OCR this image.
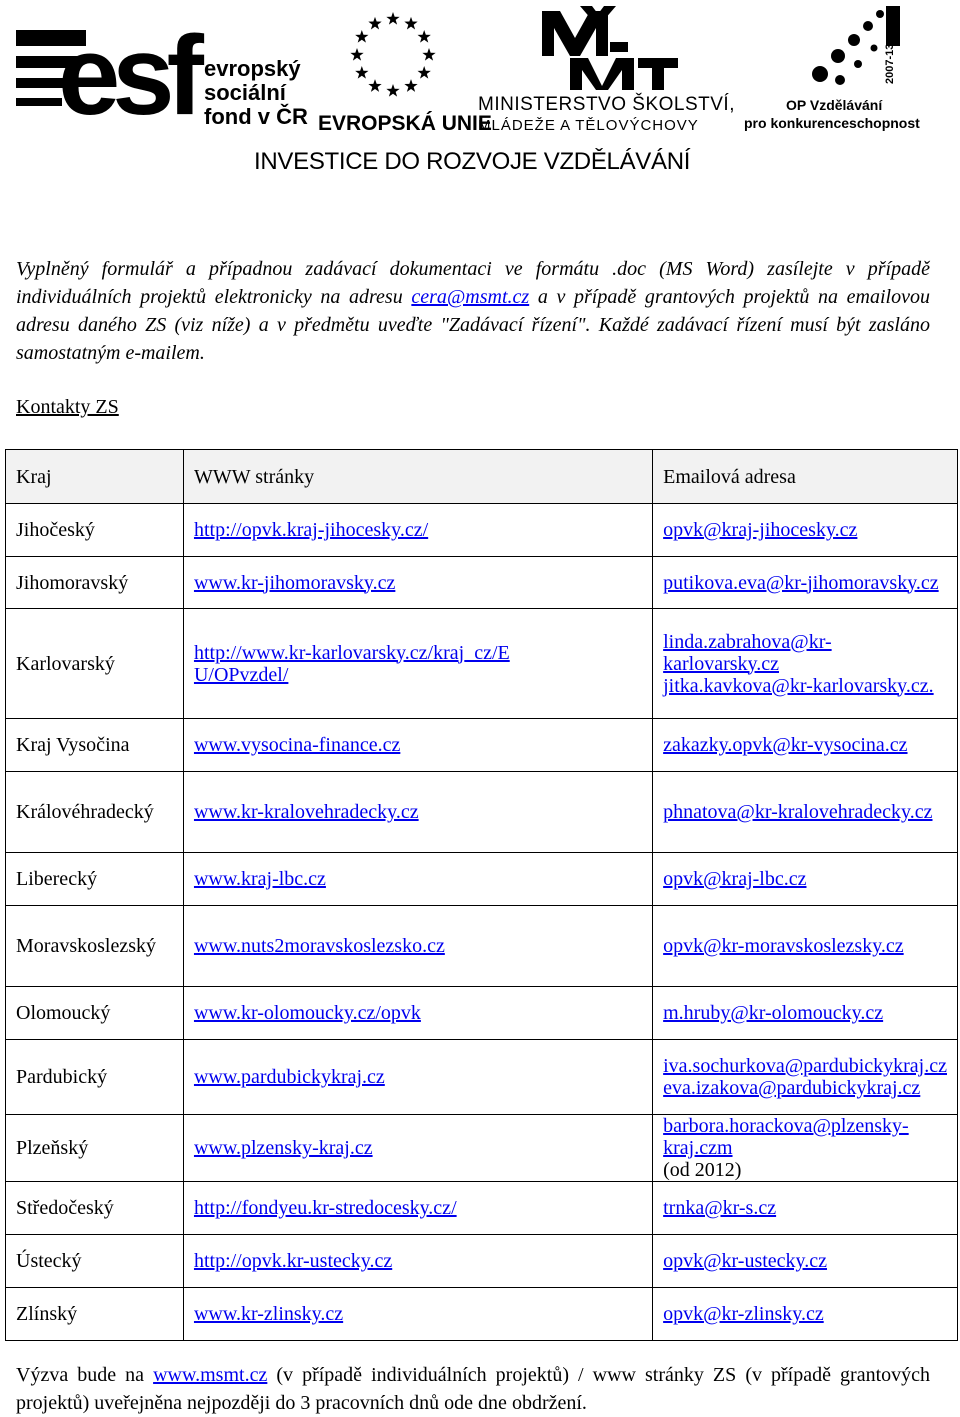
esf evropský
sociální
fond v ČR EVROPSKÁ UNIE
MINISTERSTVO ŠKOLSTVÍ,
MLÁDEŽE A TĚLOVÝCHOVY
2007-13
OP Vzdělávání
pro konkurenceschopnost
INVESTICE DO ROZVOJE VZDĚLÁVÁNÍ

Vyplněný formulář a případnou zadávací dokumentaci ve formátu .doc (MS Word) zasílejte v případě individuálních projektů elektronicky na adresu cera@msmt.cz a v případě grantových projektů na emailovou adresu daného ZS (viz níže) a v předmětu uveďte "Zadávací řízení". Každé zadávací řízení musí být zasláno samostatným e-mailem.

Kontakty ZS
Kraj	WWW stránky	Emailová adresa
Jihočeský	http://opvk.kraj-jihocesky.cz/	opvk@kraj-jihocesky.cz
Jihomoravský	www.kr-jihomoravsky.cz	putikova.eva@kr-jihomoravsky.cz
Karlovarský	http://www.kr-karlovarsky.cz/kraj_cz/EU/OPvzdel/	linda.zabrahova@kr-karlovarsky.cz
jitka.kavkova@kr-karlovarsky.cz.

Kraj Vysočina	www.vysocina-finance.cz	zakazky.opvk@kr-vysocina.cz
Královéhradecký	www.kr-kralovehradecky.cz	phnatova@kr-kralovehradecky.cz
Liberecký	www.kraj-lbc.cz	opvk@kraj-lbc.cz
Moravskoslezský	www.nuts2moravskoslezsko.cz	opvk@kr-moravskoslezsky.cz
Olomoucký	www.kr-olomoucky.cz/opvk	m.hruby@kr-olomoucky.cz
Pardubický	www.pardubickykraj.cz	iva.sochurkova@pardubickykraj.cz
eva.izakova@pardubickykraj.cz

Plzeňský	www.plzensky-kraj.cz	barbora.horackova@plzensky-kraj.czm
(od 2012)

Středočeský	http://fondyeu.kr-stredocesky.cz/	trnka@kr-s.cz
Ústecký	http://opvk.kr-ustecky.cz	opvk@kr-ustecky.cz
Zlínský	www.kr-zlinsky.cz	opvk@kr-zlinsky.cz

Výzva bude na www.msmt.cz (v případě individuálních projektů) / www stránky ZS (v případě grantových projektů) uveřejněna nejpozději do 3 pracovních dnů ode dne obdržení.
